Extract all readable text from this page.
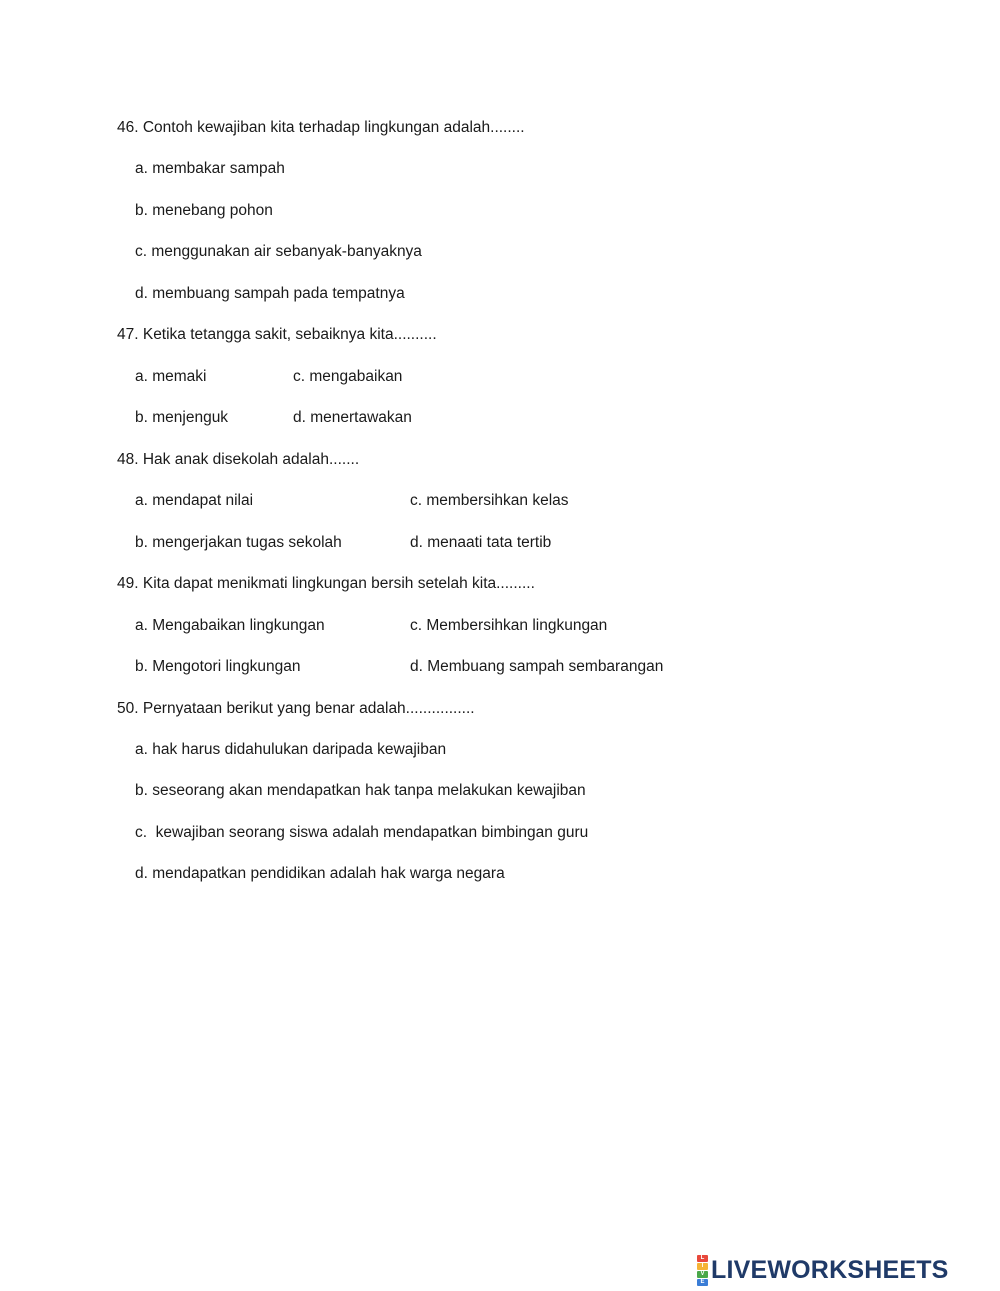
46. Contoh kewajiban kita terhadap lingkungan adalah........
a. membakar sampah
b. menebang pohon
c. menggunakan air sebanyak-banyaknya
d. membuang sampah pada tempatnya
47. Ketika tetangga sakit, sebaiknya kita..........
a. memaki	c. mengabaikan
b. menjenguk	d. menertawakan
48. Hak anak disekolah adalah.......
a. mendapat nilai	c. membersihkan kelas
b. mengerjakan tugas sekolah	d. menaati tata tertib
49. Kita dapat menikmati lingkungan bersih setelah kita.........
a. Mengabaikan lingkungan	c. Membersihkan lingkungan
b. Mengotori lingkungan	d. Membuang sampah sembarangan
50. Pernyataan berikut yang benar adalah................
a. hak harus didahulukan daripada kewajiban
b. seseorang akan mendapatkan hak tanpa melakukan kewajiban
c.  kewajiban seorang siswa adalah mendapatkan bimbingan guru
d. mendapatkan pendidikan adalah hak warga negara
L
I
V
E LIVEWORKSHEETS
